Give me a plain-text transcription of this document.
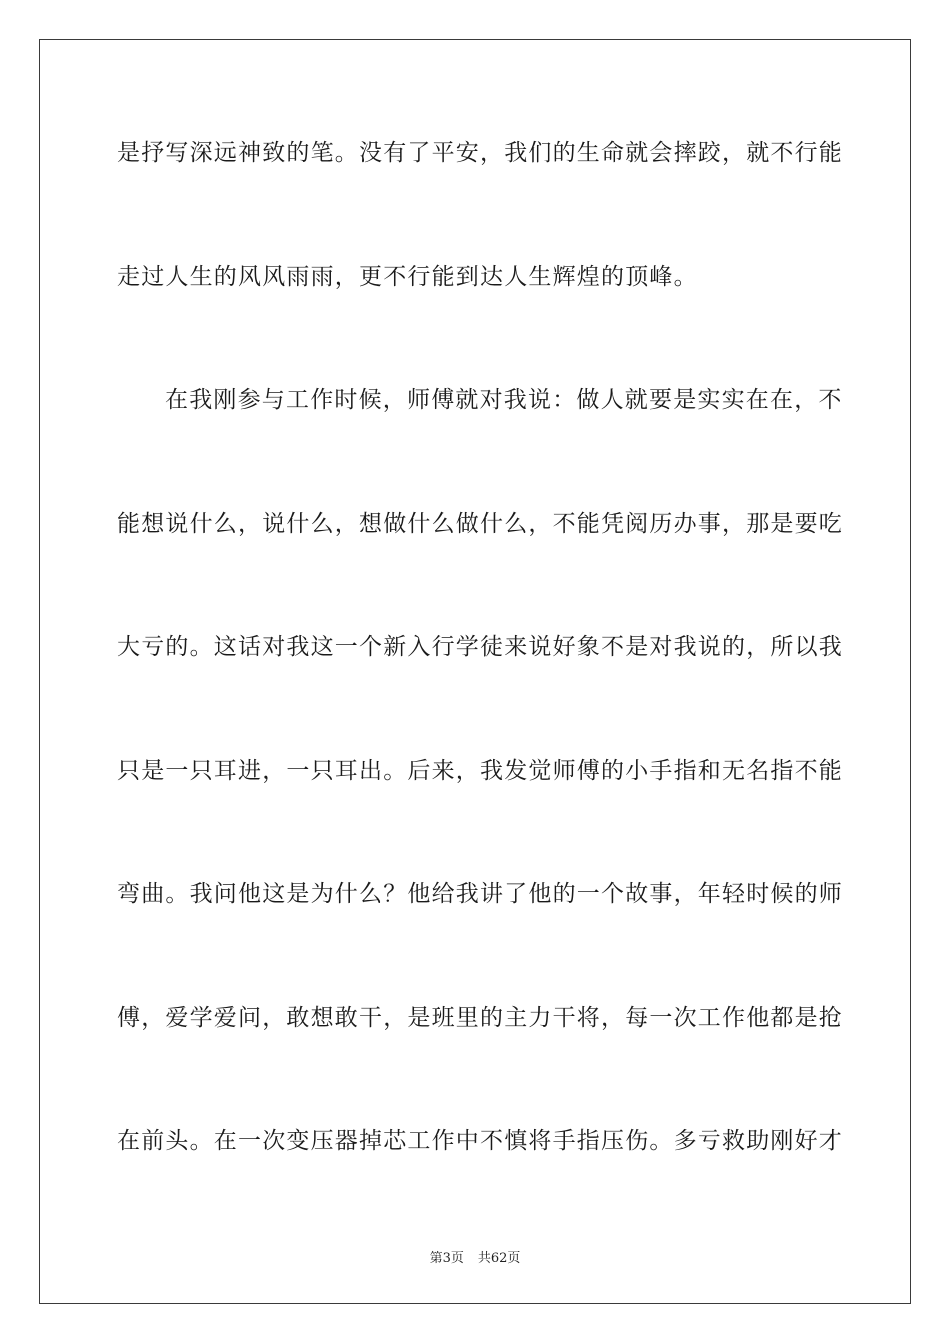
是抒写深远神致的笔。没有了平安，我们的生命就会摔跤，就不行能
走过人生的风风雨雨，更不行能到达人生辉煌的顶峰。
在我刚参与工作时候，师傅就对我说：做人就要是实实在在，不
能想说什么，说什么，想做什么做什么，不能凭阅历办事，那是要吃
大亏的。这话对我这一个新入行学徒来说好象不是对我说的，所以我
只是一只耳进，一只耳出。后来，我发觉师傅的小手指和无名指不能
弯曲。我问他这是为什么？他给我讲了他的一个故事，年轻时候的师
傅，爱学爱问，敢想敢干，是班里的主力干将，每一次工作他都是抢
在前头。在一次变压器掉芯工作中不慎将手指压伤。多亏救助刚好才
第3页 共62页
